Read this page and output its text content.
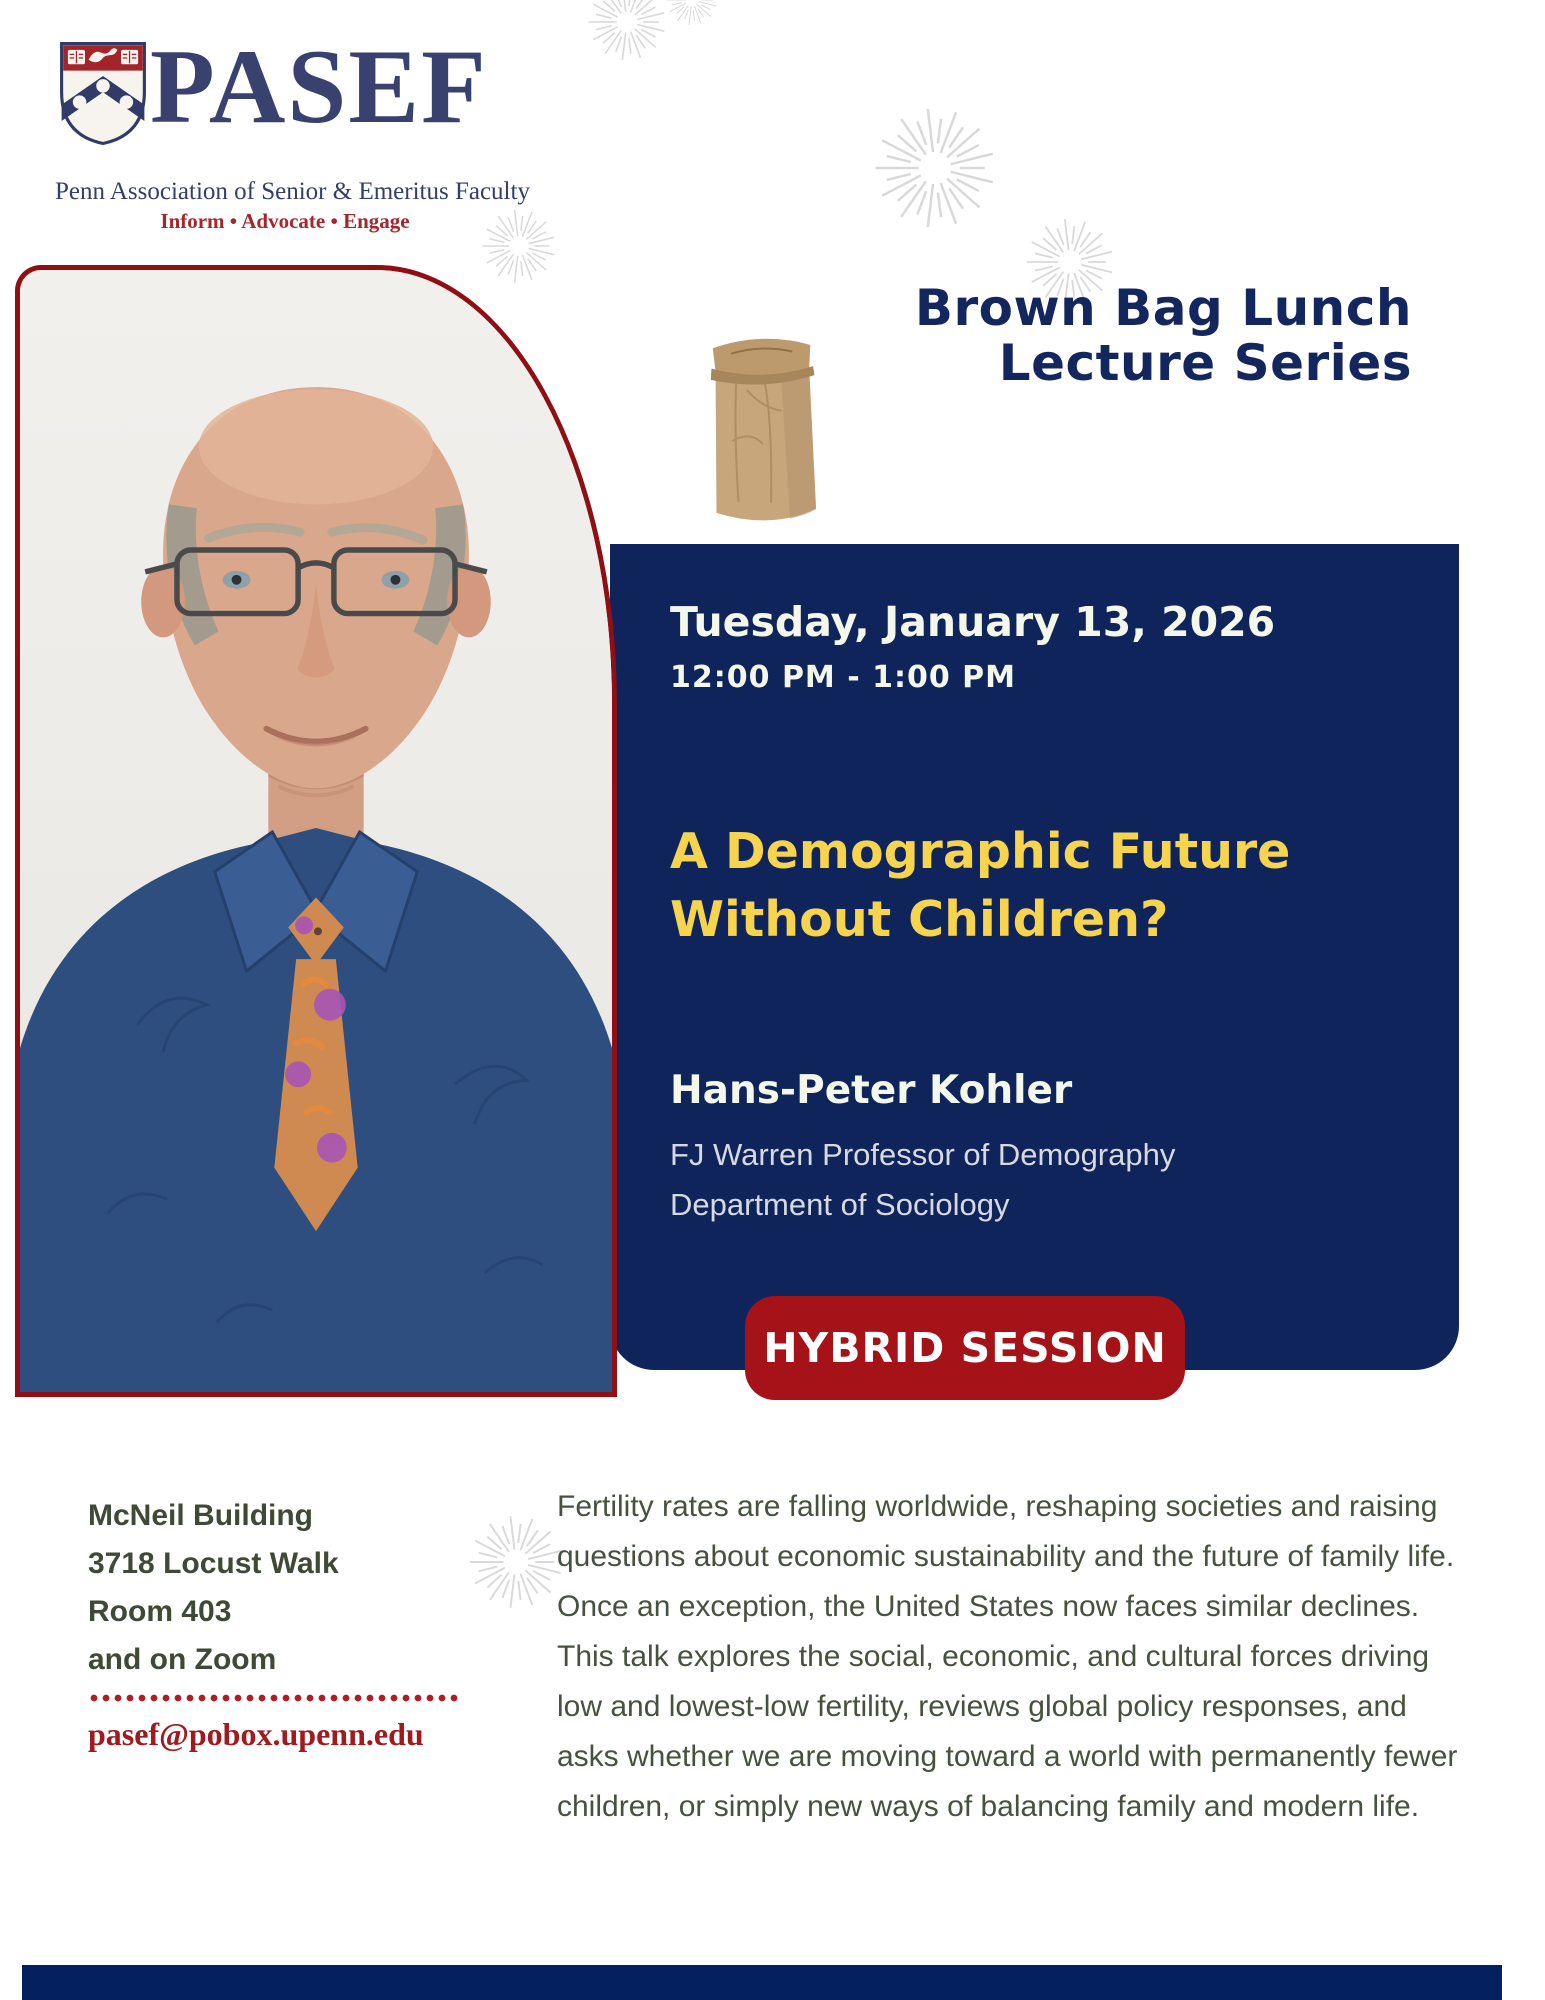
PASEF
Penn Association of Senior & Emeritus Faculty
Inform • Advocate • Engage
Brown Bag Lunch
Lecture Series
Tuesday, January 13, 2026
12:00 PM - 1:00 PM
A Demographic Future
Without Children?
Hans-Peter Kohler
FJ Warren Professor of Demography
Department of Sociology
HYBRID SESSION
McNeil Building
3718 Locust Walk
Room 403
and on Zoom
pasef@pobox.upenn.edu
Fertility rates are falling worldwide, reshaping societies and raising questions about economic sustainability and the future of family life. Once an exception, the United States now faces similar declines. This talk explores the social, economic, and cultural forces driving low and lowest-low fertility, reviews global policy responses, and asks whether we are moving toward a world with permanently fewer children, or simply new ways of balancing family and modern life.
